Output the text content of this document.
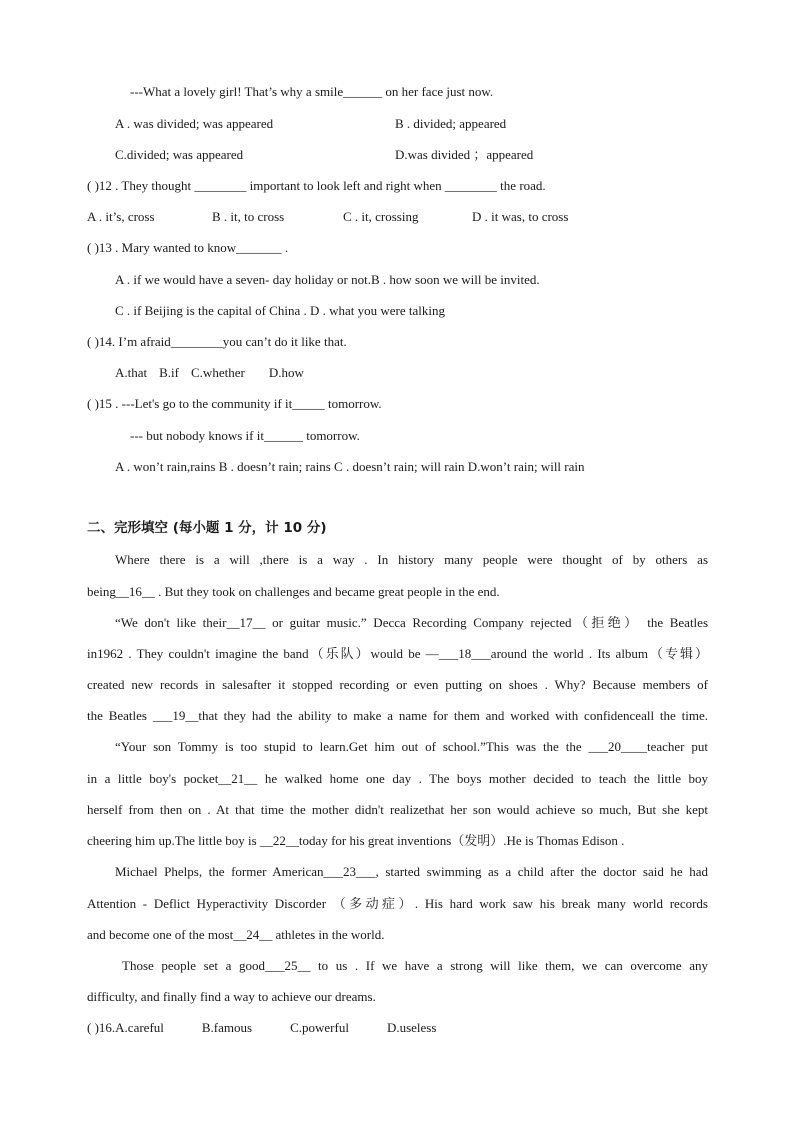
---What a lovely girl! That’s why a smile______ on her face just now.
A . was divided; was appeared	B . divided; appeared
C.divided; was appeared	D.was divided ；appeared
( )12 . They thought ________ important to look left and right when ________ the road.
A . it’s, cross	B . it, to cross	C . it, crossing	D . it was, to cross
( )13 . Mary wanted to know_______ .
A . if we would have a seven- day holiday or not.B . how soon we will be invited.
C . if Beijing is the capital of China . D . what you were talking
( )14. I’m afraid________you can’t do it like that.
A.that B.if C.whether D.how
( )15 . ---Let's go to the community if it_____ tomorrow.
--- but nobody knows if it______ tomorrow.
A . won’t rain,rains B . doesn’t rain; rains C . doesn’t rain; will rain D.won’t rain; will rain
二、完形填空 (每小题 1 分，计 10 分)
Where there is a will ,there is a way . In history many people were thought of by others as
being__16__ . But they took on challenges and became great people in the end.
“We don't like their__17__ or guitar music.” Decca Recording Company rejected（拒绝） the Beatles
in1962 . They couldn't imagine the band（乐队）would be —___18___around the world . Its album（专辑）
created new records in salesafter it stopped recording or even putting on shoes . Why? Because members of
the Beatles ___19__that they had the ability to make a name for them and worked with confidenceall the time.
“Your son Tommy is too stupid to learn.Get him out of school.”This was the the ___20____teacher put
in a little boy's pocket__21__ he walked home one day . The boys mother decided to teach the little boy
herself from then on . At that time the mother didn't realizethat her son would achieve so much, But she kept
cheering him up.The little boy is __22__today for his great inventions（发明）.He is Thomas Edison .
Michael Phelps, the former American___23___, started swimming as a child after the doctor said he had
Attention - Deflict Hyperactivity Discorder （多动症）. His hard work saw his break many world records
and become one of the most__24__ athletes in the world.
Those people set a good___25__ to us . If we have a strong will like them, we can overcome any
difficulty, and finally find a way to achieve our dreams.
( )16. A.careful	B.famous	C.powerful	D.useless
